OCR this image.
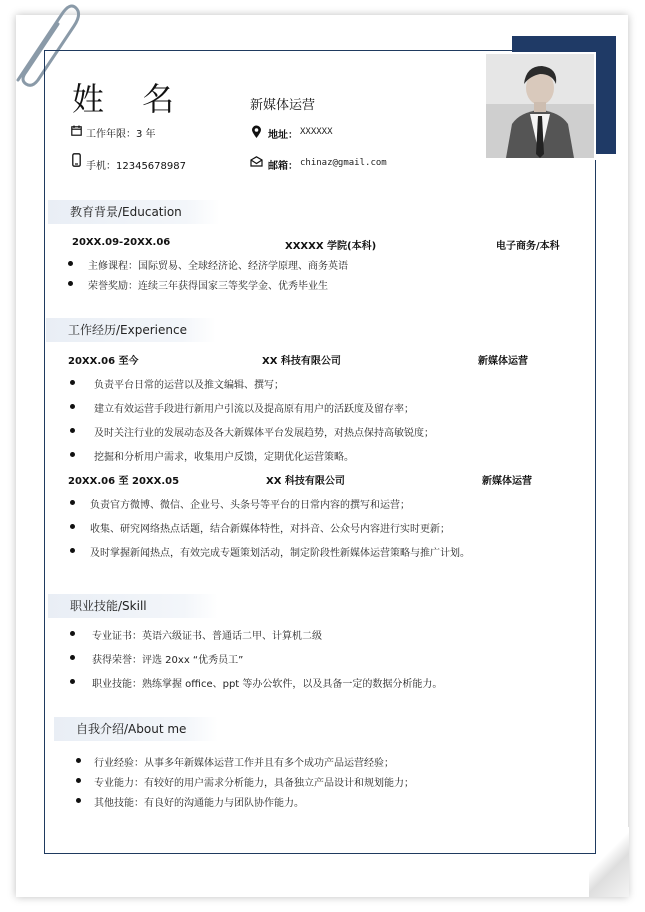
姓 名	新媒体运营
工作年限：3 年	地址： XXXXXX
手机：12345678987	邮箱： chinaz@gmail.com
教育背景/Education
20XX.09-20XX.06	XXXXX 学院(本科)	电子商务/本科
主修课程：国际贸易、全球经济论、经济学原理、商务英语
荣誉奖励：连续三年获得国家三等奖学金、优秀毕业生
工作经历/Experience
20XX.06 至今	XX 科技有限公司	新媒体运营
负责平台日常的运营以及推文编辑、撰写；
建立有效运营手段进行新用户引流以及提高原有用户的活跃度及留存率；
及时关注行业的发展动态及各大新媒体平台发展趋势，对热点保持高敏锐度；
挖掘和分析用户需求，收集用户反馈，定期优化运营策略。
20XX.06 至 20XX.05	XX 科技有限公司	新媒体运营
负责官方微博、微信、企业号、头条号等平台的日常内容的撰写和运营；
收集、研究网络热点话题，结合新媒体特性，对抖音、公众号内容进行实时更新；
及时掌握新闻热点，有效完成专题策划活动，制定阶段性新媒体运营策略与推广计划。
职业技能/Skill
专业证书：英语六级证书、普通话二甲、计算机二级
获得荣誉：评选 20xx “优秀员工”
职业技能：熟练掌握 office、ppt 等办公软件，以及具备一定的数据分析能力。
自我介绍/About me
行业经验：从事多年新媒体运营工作并且有多个成功产品运营经验；
专业能力：有较好的用户需求分析能力，具备独立产品设计和规划能力；
其他技能：有良好的沟通能力与团队协作能力。
